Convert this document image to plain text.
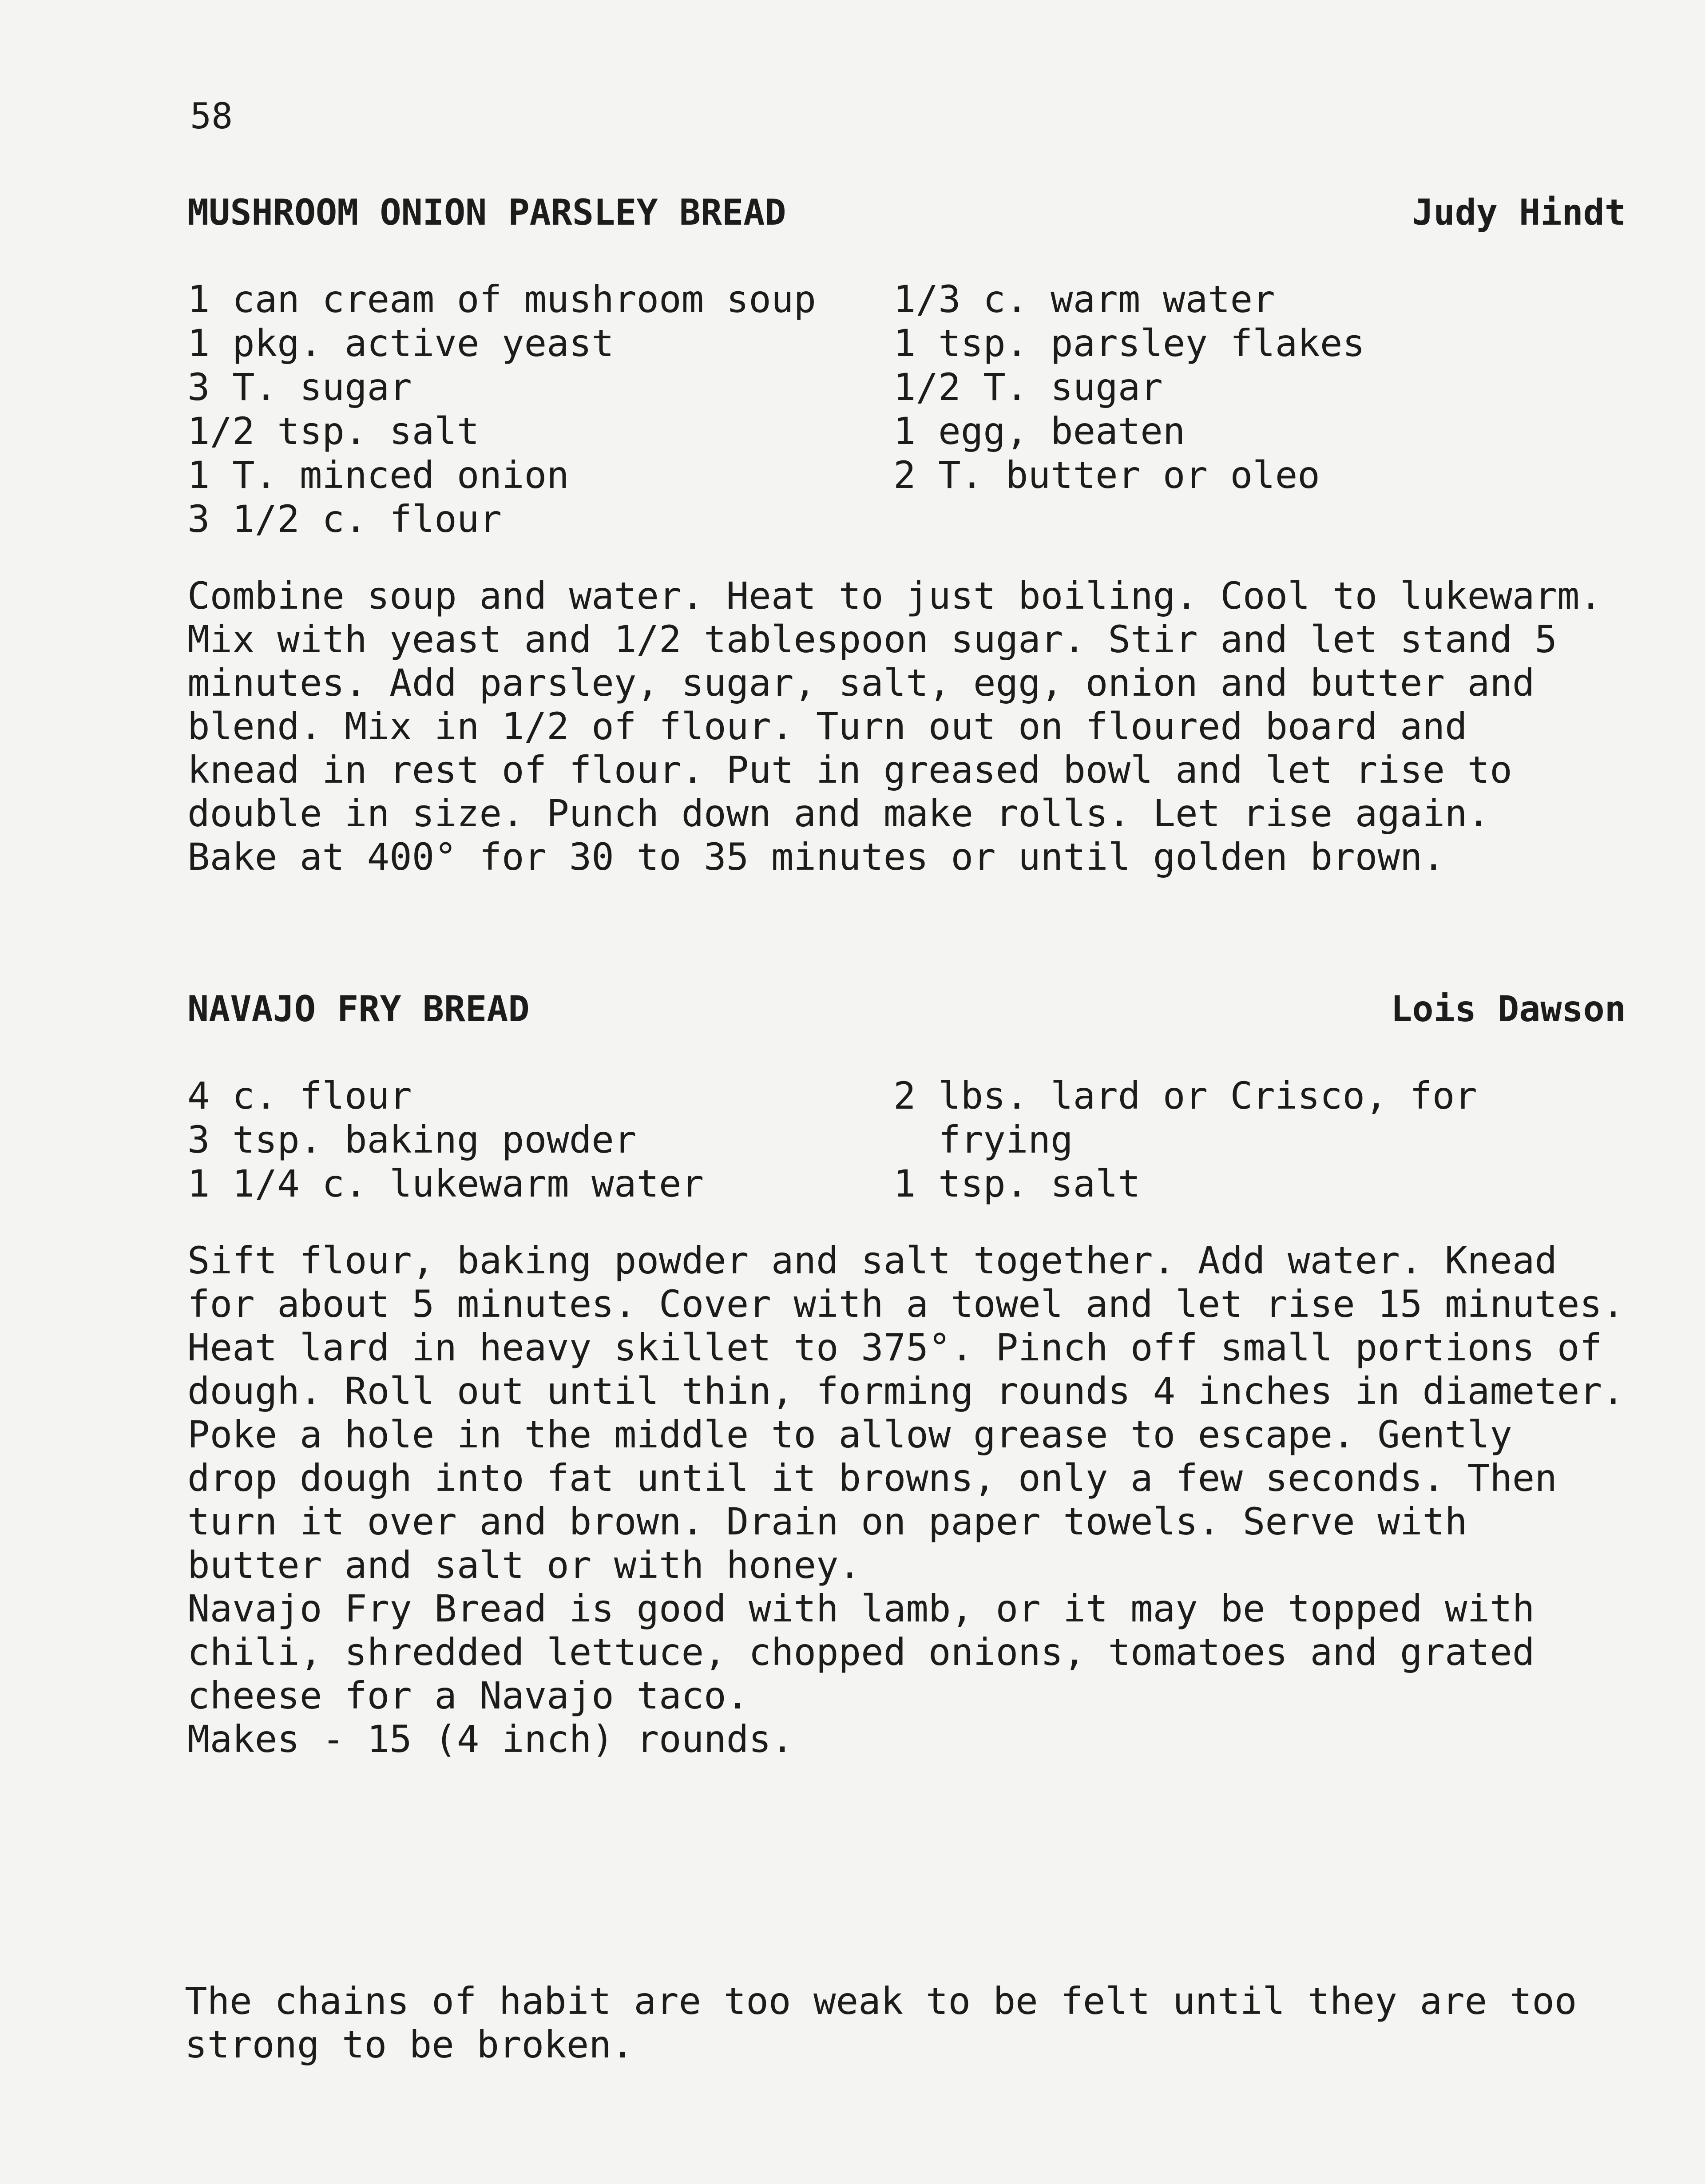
58
MUSHROOM ONION PARSLEY BREAD	Judy Hindt
1 can cream of mushroom soup
1 pkg. active yeast
3 T. sugar
1/2 tsp. salt
1 T. minced onion
3 1/2 c. flour
1/3 c. warm water
1 tsp. parsley flakes
1/2 T. sugar
1 egg, beaten
2 T. butter or oleo
Combine soup and water. Heat to just boiling. Cool to lukewarm.
Mix with yeast and 1/2 tablespoon sugar. Stir and let stand 5
minutes. Add parsley, sugar, salt, egg, onion and butter and
blend. Mix in 1/2 of flour. Turn out on floured board and
knead in rest of flour. Put in greased bowl and let rise to
double in size. Punch down and make rolls. Let rise again.
Bake at 400° for 30 to 35 minutes or until golden brown.
NAVAJO FRY BREAD	Lois Dawson
4 c. flour
3 tsp. baking powder
1 1/4 c. lukewarm water
2 lbs. lard or Crisco, for
frying
1 tsp. salt
Sift flour, baking powder and salt together. Add water. Knead
for about 5 minutes. Cover with a towel and let rise 15 minutes.
Heat lard in heavy skillet to 375°. Pinch off small portions of
dough. Roll out until thin, forming rounds 4 inches in diameter.
Poke a hole in the middle to allow grease to escape. Gently
drop dough into fat until it browns, only a few seconds. Then
turn it over and brown. Drain on paper towels. Serve with
butter and salt or with honey.
Navajo Fry Bread is good with lamb, or it may be topped with
chili, shredded lettuce, chopped onions, tomatoes and grated
cheese for a Navajo taco.
Makes - 15 (4 inch) rounds.
The chains of habit are too weak to be felt until they are too
strong to be broken.
